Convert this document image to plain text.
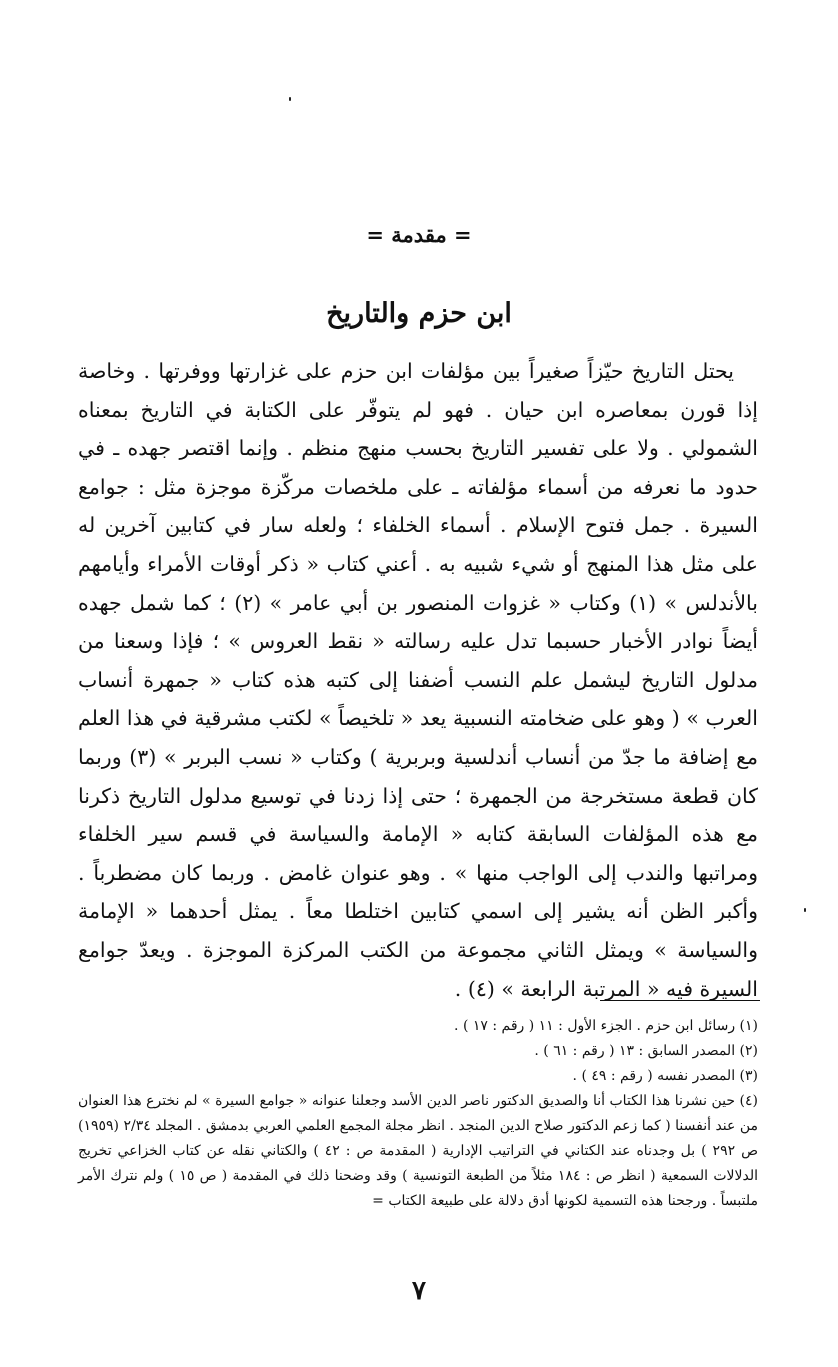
= مقدمة =
ابن حزم والتاريخ

يحتل التاريخ حيّزاً صغيراً بين مؤلفات ابن حزم على غزارتها ووفرتها . وخاصة إذا قورن بمعاصره ابن حيان . فهو لم يتوفّر على الكتابة في التاريخ بمعناه الشمولي . ولا على تفسير التاريخ بحسب منهج منظم . وإنما اقتصر جهده ـ في حدود ما نعرفه من أسماء مؤلفاته ـ على ملخصات مركّزة موجزة مثل : جوامع السيرة . جمل فتوح الإسلام . أسماء الخلفاء ؛ ولعله سار في كتابين آخرين له على مثل هذا المنهج أو شيء شبيه به . أعني كتاب « ذكر أوقات الأمراء وأيامهم بالأندلس » (١) وكتاب « غزوات المنصور بن أبي عامر » (٢) ؛ كما شمل جهده أيضاً نوادر الأخبار حسبما تدل عليه رسالته « نقط العروس » ؛ فإذا وسعنا من مدلول التاريخ ليشمل علم النسب أضفنا إلى كتبه هذه كتاب « جمهرة أنساب العرب » ( وهو على ضخامته النسبية يعد « تلخيصاً » لكتب مشرقية في هذا العلم مع إضافة ما جدّ من أنساب أندلسية وبربرية ) وكتاب « نسب البربر » (٣) وربما كان قطعة مستخرجة من الجمهرة ؛ حتى إذا زدنا في توسيع مدلول التاريخ ذكرنا مع هذه المؤلفات السابقة كتابه « الإمامة والسياسة في قسم سير الخلفاء ومراتبها والندب إلى الواجب منها » . وهو عنوان غامض . وربما كان مضطرباً . وأكبر الظن أنه يشير إلى اسمي كتابين اختلطا معاً . يمثل أحدهما « الإمامة والسياسة » ويمثل الثاني مجموعة من الكتب المركزة الموجزة . ويعدّ جوامع السيرة فيه « المرتبة الرابعة » (٤) .

(١) رسائل ابن حزم . الجزء الأول : ١١ ( رقم : ١٧ ) .

(٢) المصدر السابق : ١٣ ( رقم : ٦١ ) .

(٣) المصدر نفسه ( رقم : ٤٩ ) .

(٤) حين نشرنا هذا الكتاب أنا والصديق الدكتور ناصر الدين الأسد وجعلنا عنوانه « جوامع السيرة » لم نخترع هذا العنوان من عند أنفسنا ( كما زعم الدكتور صلاح الدين المنجد . انظر مجلة المجمع العلمي العربي بدمشق . المجلد ٢/٣٤ (١٩٥٩) ص ٢٩٢ ) بل وجدناه عند الكتاني في التراتيب الإدارية ( المقدمة ص : ٤٢ ) والكتاني نقله عن كتاب الخزاعي تخريج الدلالات السمعية ( انظر ص : ١٨٤ مثلاً من الطبعة التونسية ) وقد وضحنا ذلك في المقدمة ( ص ١٥ ) ولم نترك الأمر ملتبساً . ورجحنا هذه التسمية لكونها أدق دلالة على طبيعة الكتاب =

٧
